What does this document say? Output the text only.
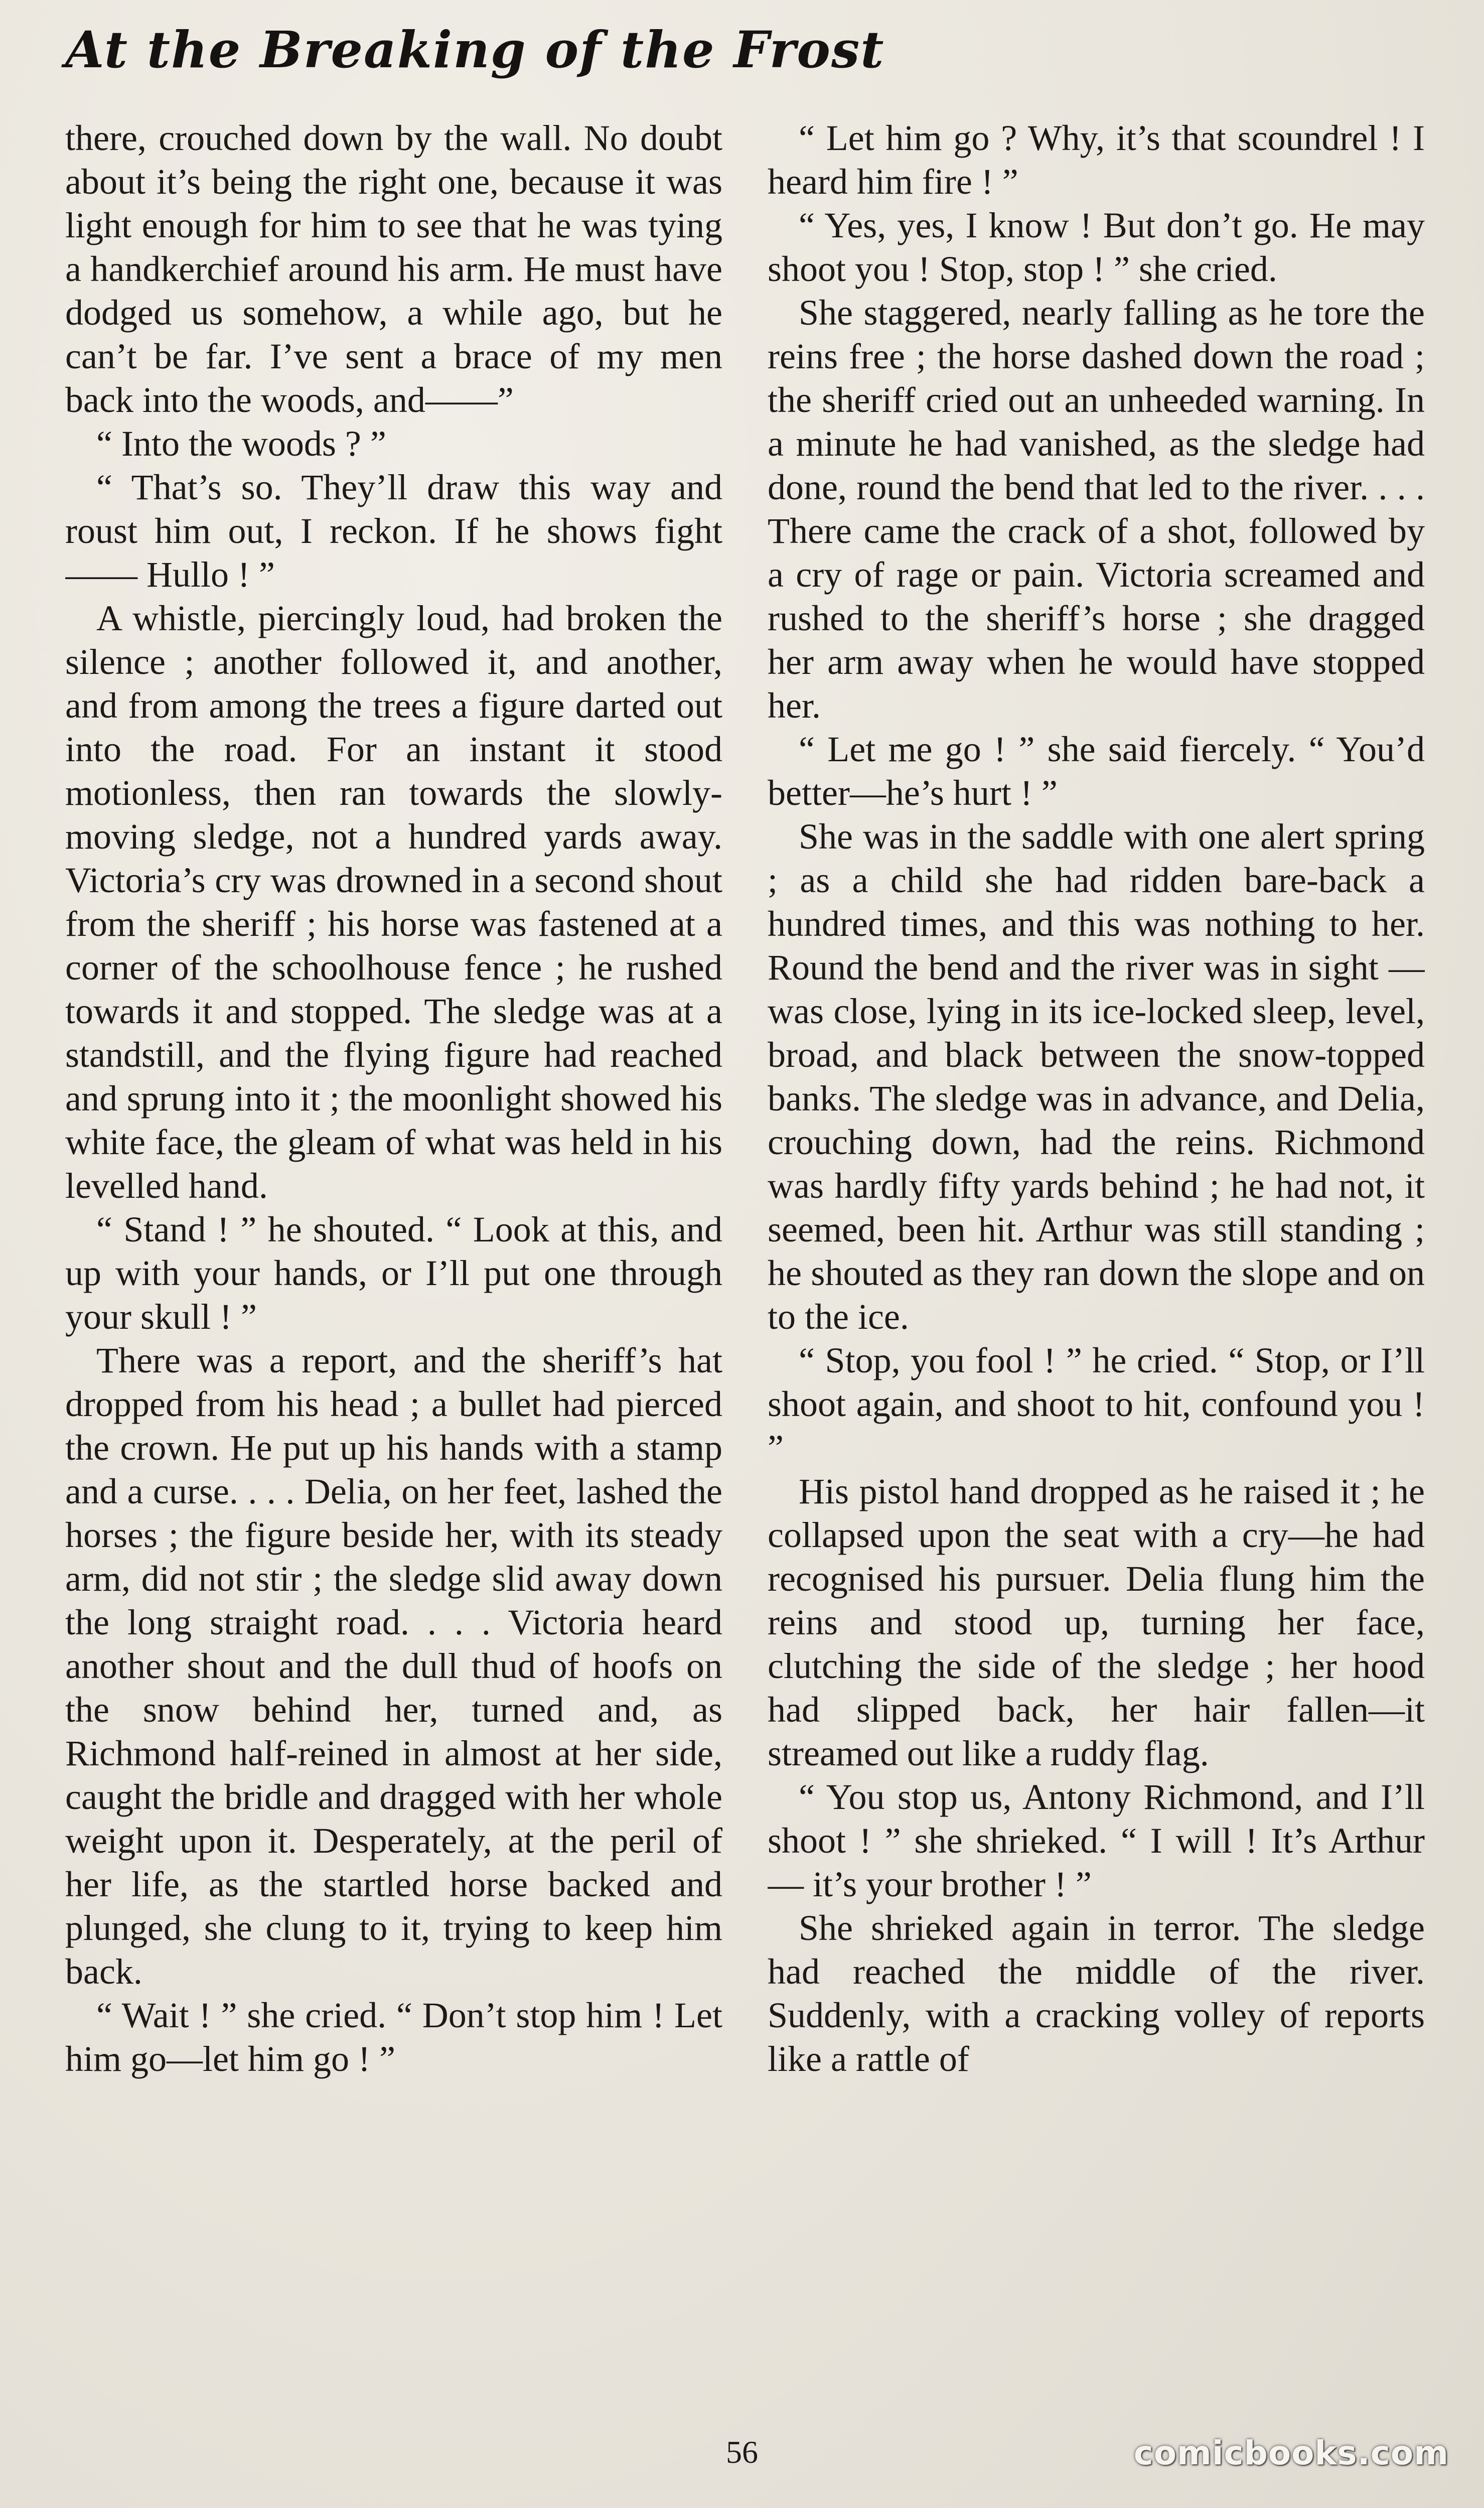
At the Breaking of the Frost

there, crouched down by the wall. No doubt about it’s being the right one, because it was light enough for him to see that he was tying a handkerchief around his arm. He must have dodged us somehow, a while ago, but he can’t be far. I’ve sent a brace of my men back into the woods, and——”

“ Into the woods ? ”

“ That’s so. They’ll draw this way and roust him out, I reckon. If he shows fight—— Hullo ! ”

A whistle, piercingly loud, had broken the silence ; another followed it, and another, and from among the trees a figure darted out into the road. For an instant it stood motionless, then ran towards the slowly-moving sledge, not a hundred yards away. Victoria’s cry was drowned in a second shout from the sheriff ; his horse was fastened at a corner of the schoolhouse fence ; he rushed towards it and stopped. The sledge was at a standstill, and the flying figure had reached and sprung into it ; the moonlight showed his white face, the gleam of what was held in his levelled hand.

“ Stand ! ” he shouted. “ Look at this, and up with your hands, or I’ll put one through your skull ! ”

There was a report, and the sheriff’s hat dropped from his head ; a bullet had pierced the crown. He put up his hands with a stamp and a curse. . . . Delia, on her feet, lashed the horses ; the figure beside her, with its steady arm, did not stir ; the sledge slid away down the long straight road. . . . Victoria heard another shout and the dull thud of hoofs on the snow behind her, turned and, as Richmond half-reined in almost at her side, caught the bridle and dragged with her whole weight upon it. Desperately, at the peril of her life, as the startled horse backed and plunged, she clung to it, trying to keep him back.

“ Wait ! ” she cried. “ Don’t stop him ! Let him go—let him go ! ”

“ Let him go ? Why, it’s that scoundrel ! I heard him fire ! ”

“ Yes, yes, I know ! But don’t go. He may shoot you ! Stop, stop ! ” she cried.

She staggered, nearly falling as he tore the reins free ; the horse dashed down the road ; the sheriff cried out an unheeded warning. In a minute he had vanished, as the sledge had done, round the bend that led to the river. . . . There came the crack of a shot, followed by a cry of rage or pain. Victoria screamed and rushed to the sheriff’s horse ; she dragged her arm away when he would have stopped her.

“ Let me go ! ” she said fiercely. “ You’d better—he’s hurt ! ”

She was in the saddle with one alert spring ; as a child she had ridden bare-back a hundred times, and this was nothing to her. Round the bend and the river was in sight —was close, lying in its ice-locked sleep, level, broad, and black between the snow-topped banks. The sledge was in advance, and Delia, crouching down, had the reins. Richmond was hardly fifty yards behind ; he had not, it seemed, been hit. Arthur was still standing ; he shouted as they ran down the slope and on to the ice.

“ Stop, you fool ! ” he cried. “ Stop, or I’ll shoot again, and shoot to hit, confound you ! ”

His pistol hand dropped as he raised it ; he collapsed upon the seat with a cry—he had recognised his pursuer. Delia flung him the reins and stood up, turning her face, clutching the side of the sledge ; her hood had slipped back, her hair fallen—it streamed out like a ruddy flag.

“ You stop us, Antony Richmond, and I’ll shoot ! ” she shrieked. “ I will ! It’s Arthur — it’s your brother ! ”

She shrieked again in terror. The sledge had reached the middle of the river. Suddenly, with a cracking volley of reports like a rattle of

56	comicbooks.com
